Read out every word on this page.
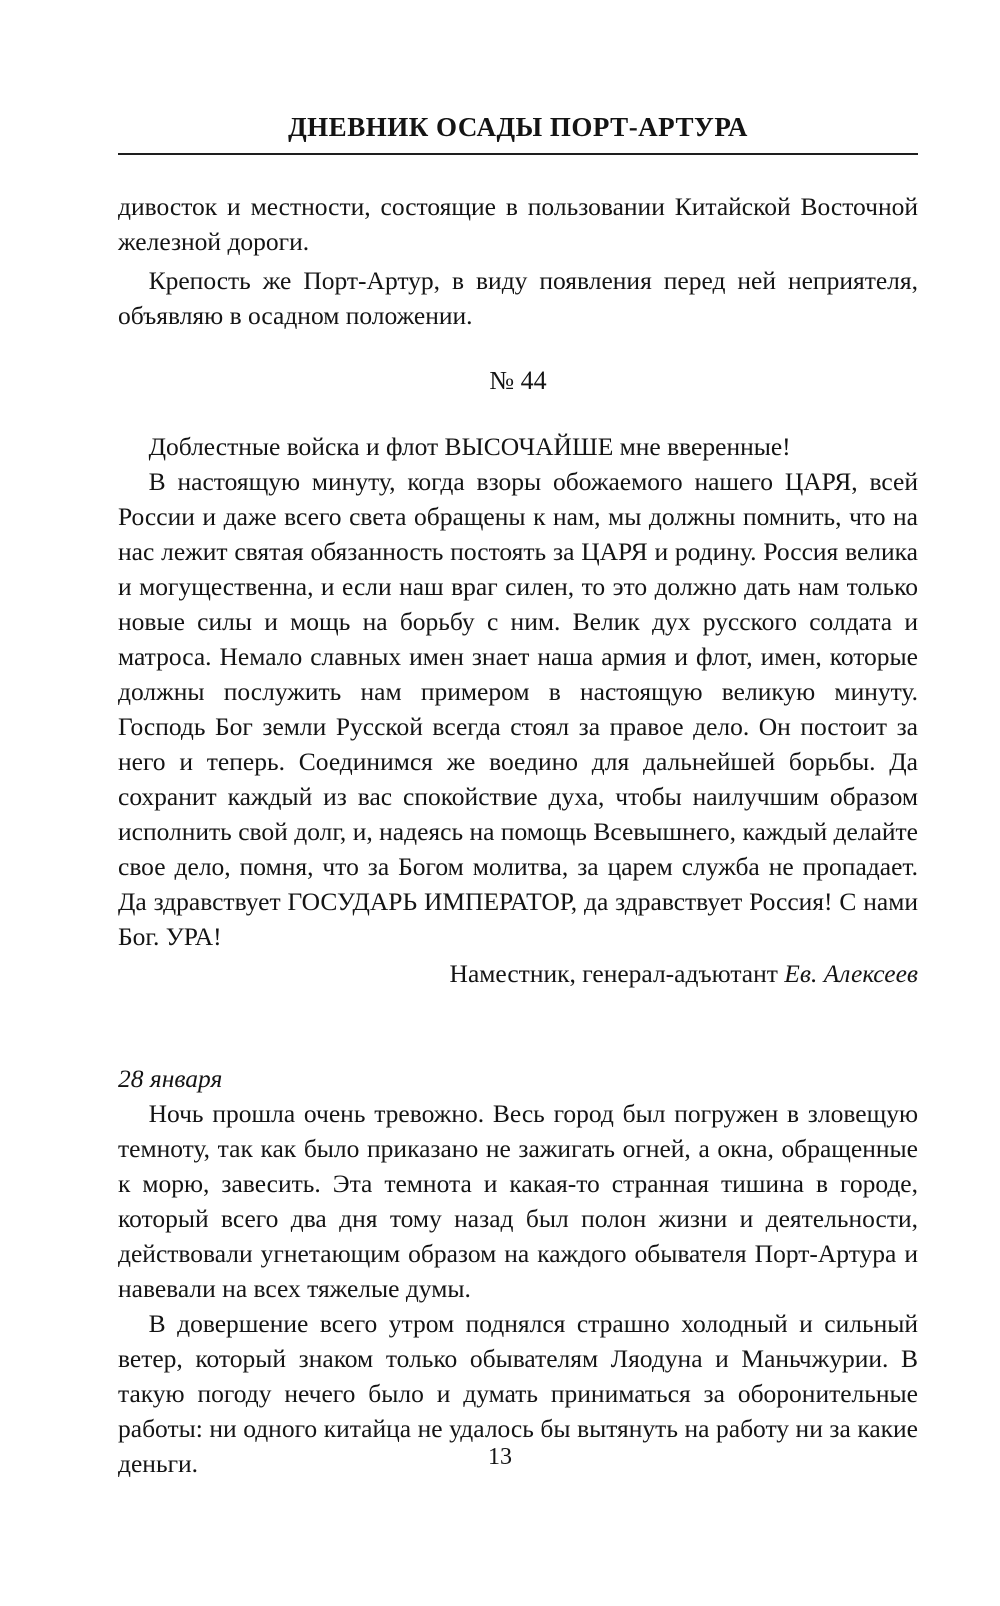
ДНЕВНИК ОСАДЫ ПОРТ-АРТУРА

дивосток и местности, состоящие в пользовании Китайской Восточной железной дороги.

Крепость же Порт-Артур, в виду появления перед ней неприятеля, объявляю в осадном положении.

№ 44

Доблестные войска и флот ВЫСОЧАЙШЕ мне вверенные!

В настоящую минуту, когда взоры обожаемого нашего ЦАРЯ, всей России и даже всего света обращены к нам, мы должны помнить, что на нас лежит святая обязанность постоять за ЦАРЯ и родину. Россия велика и могущественна, и если наш враг силен, то это должно дать нам только новые силы и мощь на борьбу с ним. Велик дух русского солдата и матроса. Немало славных имен знает наша армия и флот, имен, которые должны послужить нам примером в настоящую великую минуту. Господь Бог земли Русской всегда стоял за правое дело. Он постоит за него и теперь. Соединимся же воедино для дальнейшей борьбы. Да сохранит каждый из вас спокойствие духа, чтобы наилучшим образом исполнить свой долг, и, надеясь на помощь Всевышнего, каждый делайте свое дело, помня, что за Богом молитва, за царем служба не пропадает. Да здравствует ГОСУДАРЬ ИМПЕРАТОР, да здравствует Россия! С нами Бог. УРА!

Наместник, генерал-адъютант Ев. Алексеев
28 января

Ночь прошла очень тревожно. Весь город был погружен в зловещую темноту, так как было приказано не зажигать огней, а окна, обращенные к морю, завесить. Эта темнота и какая-то странная тишина в городе, который всего два дня тому назад был полон жизни и деятельности, действовали угнетающим образом на каждого обывателя Порт-Артура и навевали на всех тяжелые думы.

В довершение всего утром поднялся страшно холодный и сильный ветер, который знаком только обывателям Ляодуна и Маньчжурии. В такую погоду нечего было и думать приниматься за оборонительные работы: ни одного китайца не удалось бы вытянуть на работу ни за какие деньги.	13
